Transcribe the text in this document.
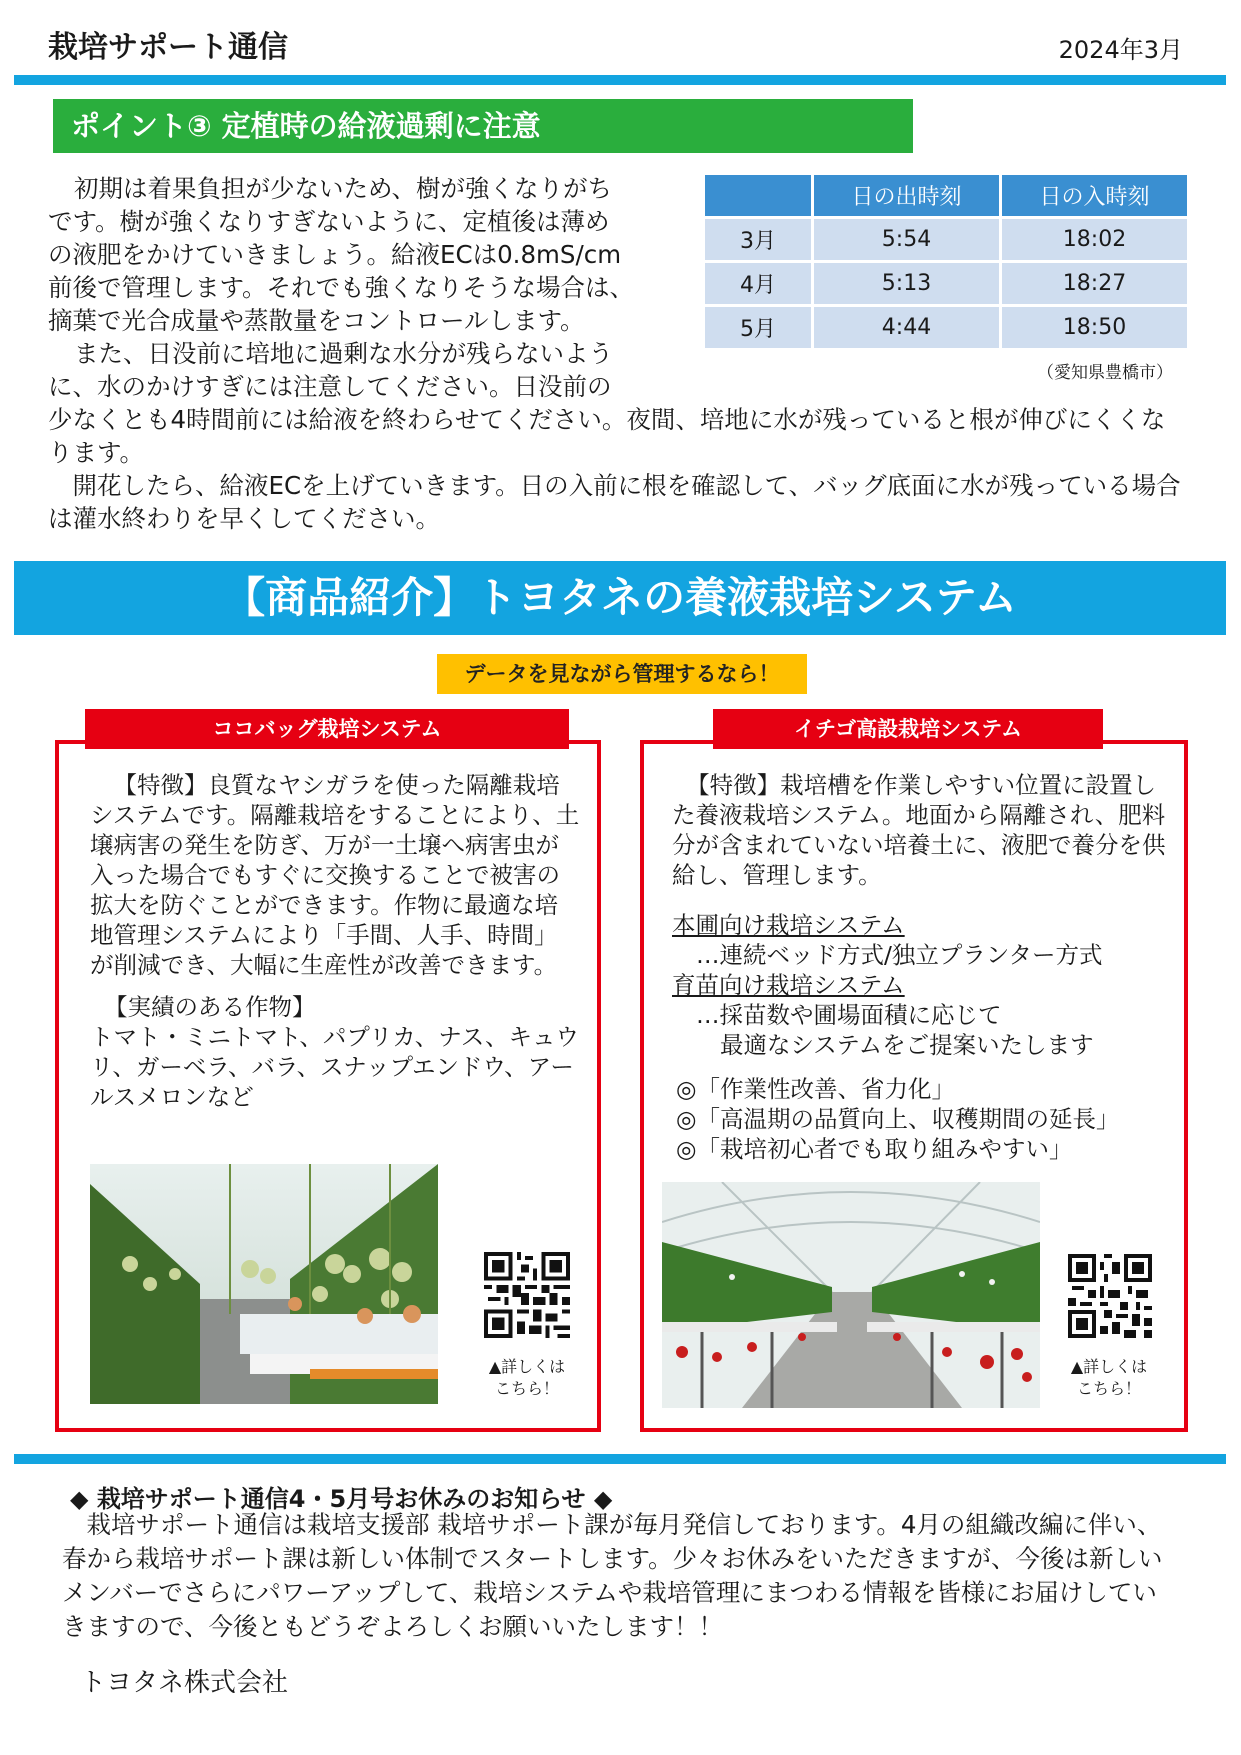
栽培サポート通信	2024年3月
ポイント③ 定植時の給液過剰に注意
初期は着果負担が少ないため、樹が強くなりがち
です。樹が強くなりすぎないように、定植後は薄め
の液肥をかけていきましょう。給液ECは0.8mS/cm
前後で管理します。それでも強くなりそうな場合は、
摘葉で光合成量や蒸散量をコントロールします。
また、日没前に培地に過剰な水分が残らないよう
に、水のかけすぎには注意してください。日没前の
	日の出時刻	日の入時刻
3月	5:54	18:02
4月	5:13	18:27
5月	4:44	18:50
（愛知県豊橋市）

少なくとも4時間前には給液を終わらせてください。夜間、培地に水が残っていると根が伸びにくくなります。

開花したら、給液ECを上げていきます。日の入前に根を確認して、バッグ底面に水が残っている場合は灌水終わりを早くしてください。

【商品紹介】トヨタネの養液栽培システム
データを見ながら管理するなら！
ココバッグ栽培システム

【特徴】良質なヤシガラを使った隔離栽培システムです。隔離栽培をすることにより、土壌病害の発生を防ぎ、万が一土壌へ病害虫が入った場合でもすぐに交換することで被害の拡大を防ぐことができます。作物に最適な培地管理システムにより「手間、人手、時間」が削減でき、大幅に生産性が改善できます。

【実績のある作物】

トマト・ミニトマト、パプリカ、ナス、キュウリ、ガーベラ、バラ、スナップエンドウ、アールスメロンなど

▲詳しくは
こちら！
イチゴ高設栽培システム

【特徴】栽培槽を作業しやすい位置に設置した養液栽培システム。地面から隔離され、肥料分が含まれていない培養土に、液肥で養分を供給し、管理します。

本圃向け栽培システム

…連続ベッド方式/独立プランター方式

育苗向け栽培システム

…採苗数や圃場面積に応じて

最適なシステムをご提案いたします

◎「作業性改善、省力化」

◎「高温期の品質向上、収穫期間の延長」

◎「栽培初心者でも取り組みやすい」

▲詳しくは
こちら！
◆ 栽培サポート通信4・5月号お休みのお知らせ ◆

栽培サポート通信は栽培支援部 栽培サポート課が毎月発信しております。4月の組織改編に伴い、春から栽培サポート課は新しい体制でスタートします。少々お休みをいただきますが、今後は新しいメンバーでさらにパワーアップして、栽培システムや栽培管理にまつわる情報を皆様にお届けしていきますので、今後ともどうぞよろしくお願いいたします！！

トヨタネ株式会社
